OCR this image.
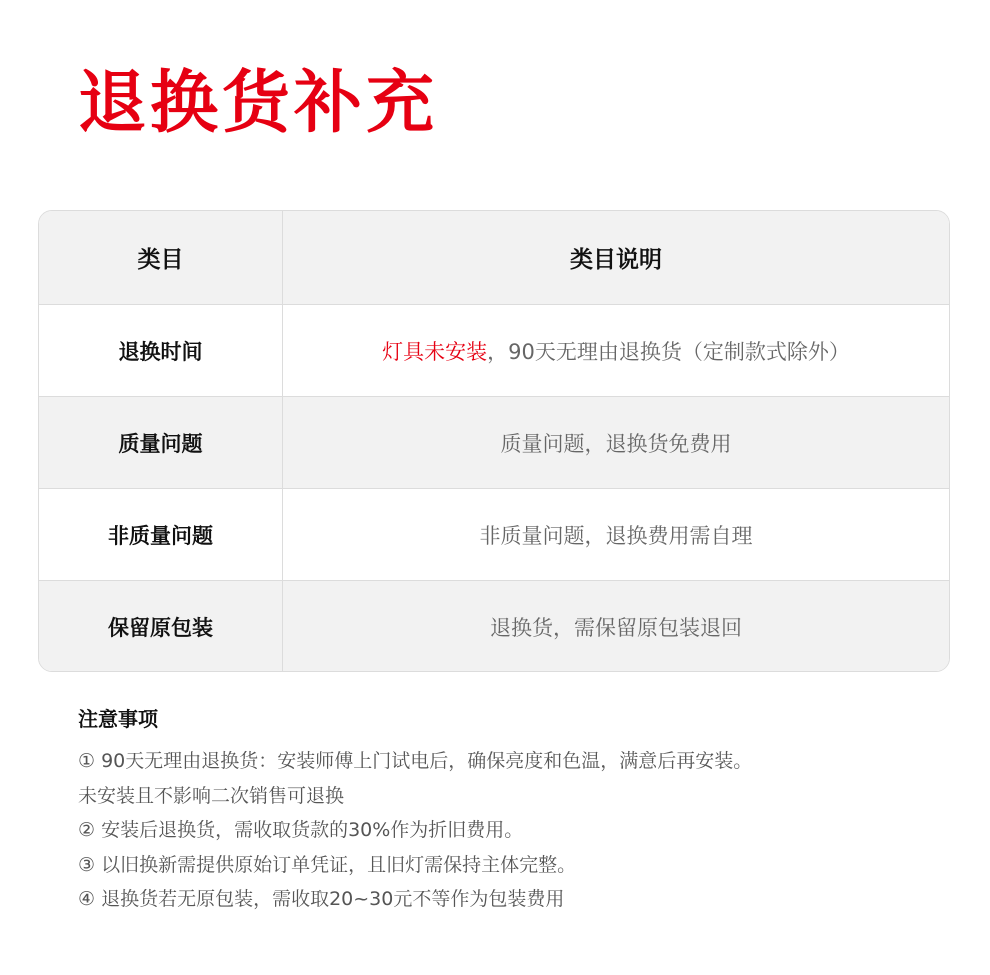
退换货补充
类目	类目说明
退换时间	灯具未安装 ，90天无理由退换货（定制款式除外）
质量问题	质量问题，退换货免费用
非质量问题	非质量问题，退换费用需自理
保留原包装	退换货，需保留原包装退回
注意事项
① 90天无理由退换货：安装师傅上门试电后，确保亮度和色温，满意后再安装。
未安装且不影响二次销售可退换
② 安装后退换货，需收取货款的30%作为折旧费用。
③ 以旧换新需提供原始订单凭证，且旧灯需保持主体完整。
④ 退换货若无原包装，需收取20~30元不等作为包装费用
